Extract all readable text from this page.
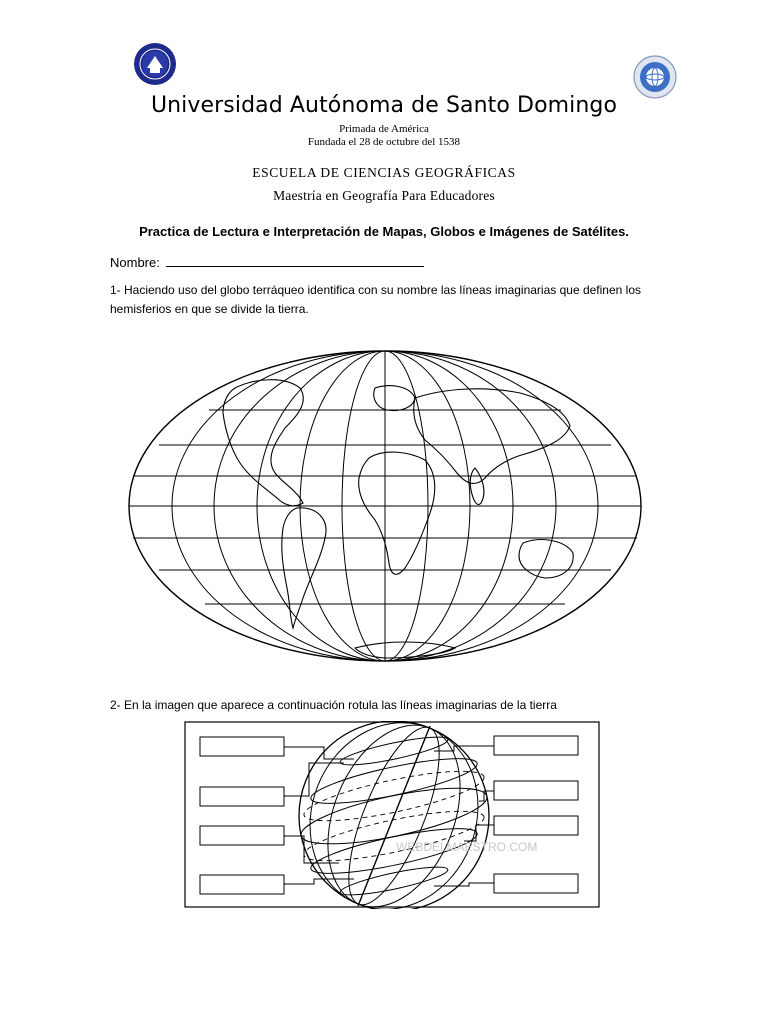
Universidad Autónoma de Santo Domingo
Primada de América
Fundada el 28 de octubre del 1538
ESCUELA DE CIENCIAS GEOGRÁFICAS
Maestría en Geografía Para Educadores
Practica de Lectura e Interpretación de Mapas, Globos e Imágenes de Satélites.
Nombre:
1- Haciendo uso del globo terráqueo identifica con su nombre las líneas imaginarias que definen los hemisferios en que se divide la tierra.
2- En la imagen que aparece a continuación rotula las líneas imaginarias de la tierra
WEBDELMAESTRO.COM
